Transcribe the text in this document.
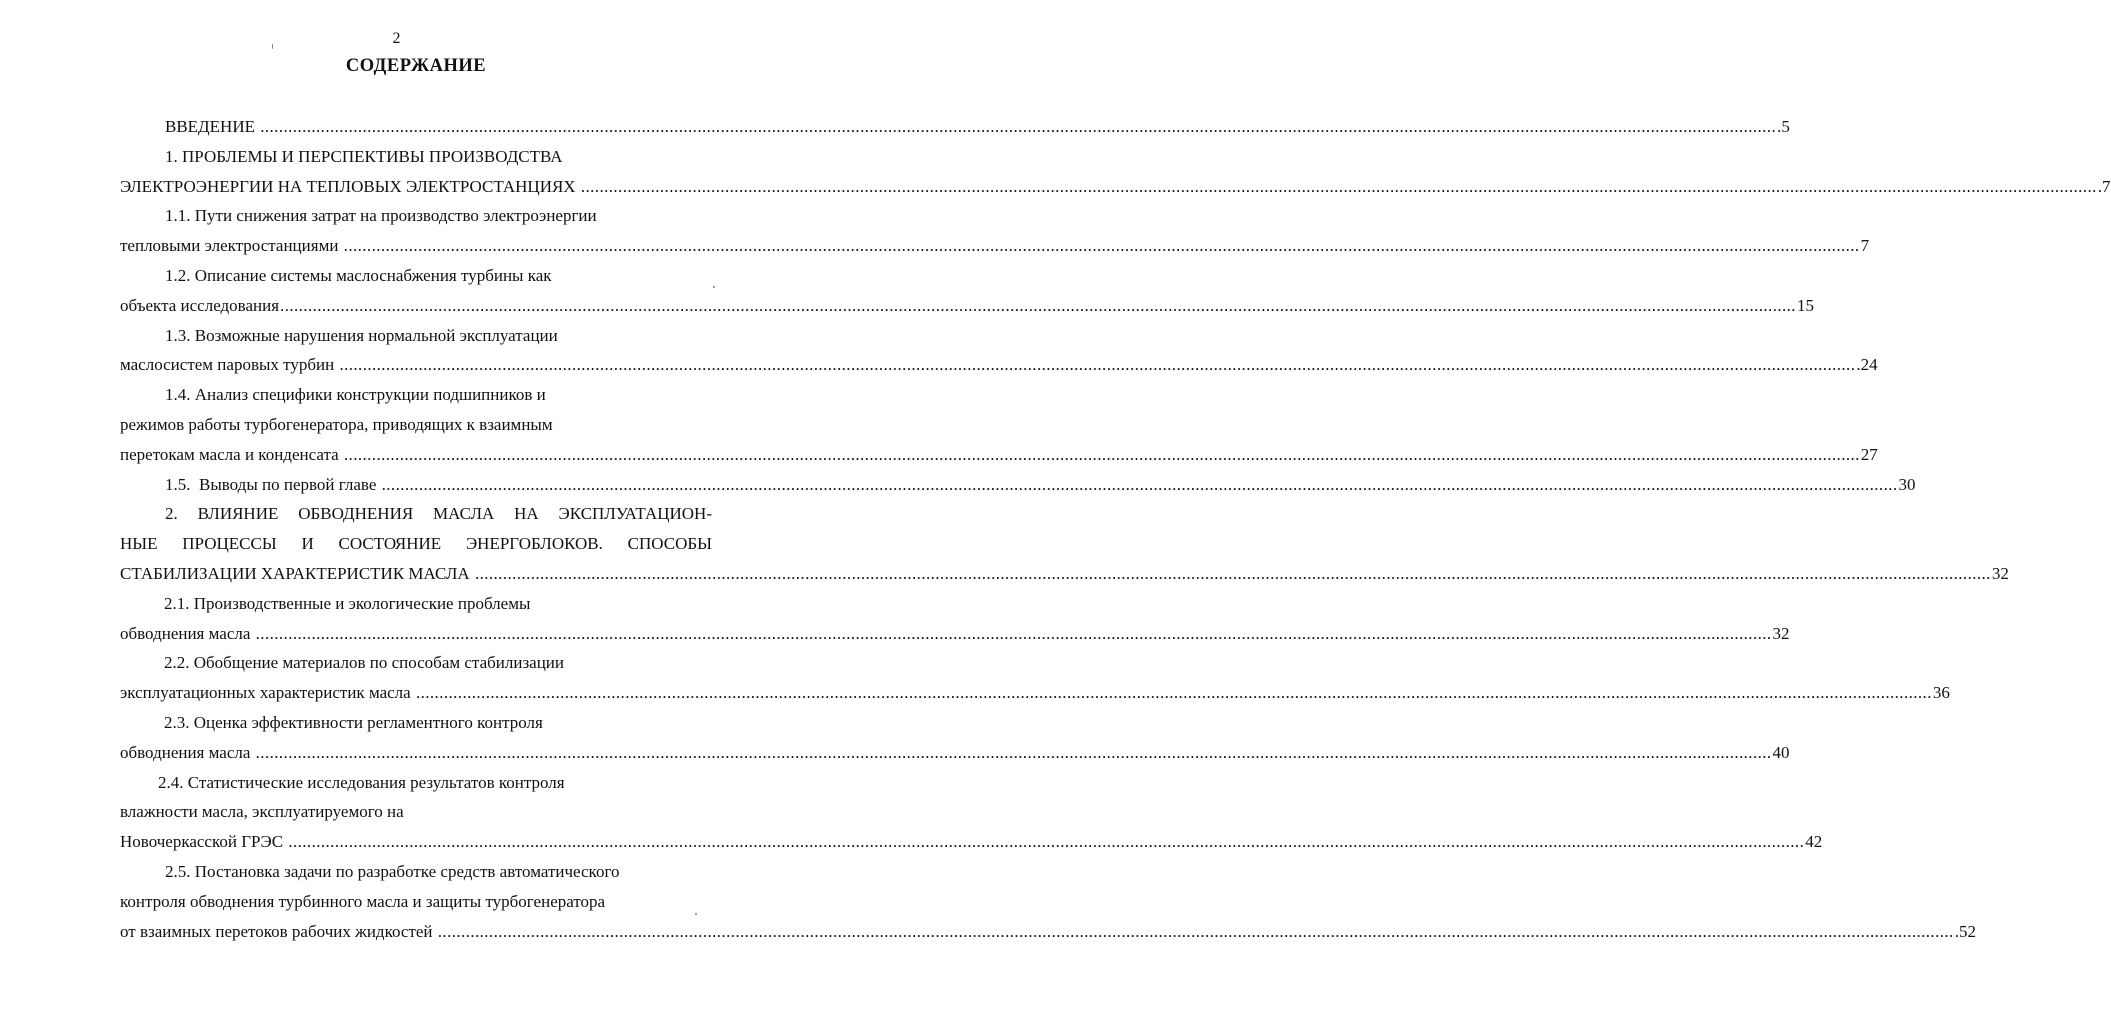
2
СОДЕРЖАНИЕ
ВВЕДЕНИЕ ...................................................................................................................................................................................................................................................................................................................................... .5
1. ПРОБЛЕМЫ И ПЕРСПЕКТИВЫ ПРОИЗВОДСТВА
ЭЛЕКТРОЭНЕРГИИ НА ТЕПЛОВЫХ ЭЛЕКТРОСТАНЦИЯХ ...................................................................................................................................................................................................................................................................................................................................... .7
1.1. Пути снижения затрат на производство электроэнергии
тепловыми электростанциями ...................................................................................................................................................................................................................................................................................................................................... 7
1.2. Описание системы маслоснабжения турбины как
объекта исследования ...................................................................................................................................................................................................................................................................................................................................... 15
1.3. Возможные нарушения нормальной эксплуатации
маслосистем паровых турбин ...................................................................................................................................................................................................................................................................................................................................... .24
1.4. Анализ специфики конструкции подшипников и
режимов работы турбогенератора, приводящих к взаимным
перетокам масла и конденсата ...................................................................................................................................................................................................................................................................................................................................... 27
1.5.  Выводы по первой главе ...................................................................................................................................................................................................................................................................................................................................... 30
2. ВЛИЯНИЕ ОБВОДНЕНИЯ МАСЛА НА ЭКСПЛУАТАЦИОН-
НЫЕ ПРОЦЕССЫ И СОСТОЯНИЕ ЭНЕРГОБЛОКОВ. СПОСОБЫ
СТАБИЛИЗАЦИИ ХАРАКТЕРИСТИК МАСЛА ...................................................................................................................................................................................................................................................................................................................................... 32
2.1. Производственные и экологические проблемы
обводнения масла ...................................................................................................................................................................................................................................................................................................................................... 32
2.2. Обобщение материалов по способам стабилизации
эксплуатационных характеристик масла ...................................................................................................................................................................................................................................................................................................................................... 36
2.3. Оценка эффективности регламентного контроля
обводнения масла ...................................................................................................................................................................................................................................................................................................................................... 40
2.4. Статистические исследования результатов контроля
влажности масла, эксплуатируемого на
Новочеркасской ГРЭС ...................................................................................................................................................................................................................................................................................................................................... 42
2.5. Постановка задачи по разработке средств автоматического
контроля обводнения турбинного масла и защиты турбогенератора
от взаимных перетоков рабочих жидкостей ...................................................................................................................................................................................................................................................................................................................................... .52
